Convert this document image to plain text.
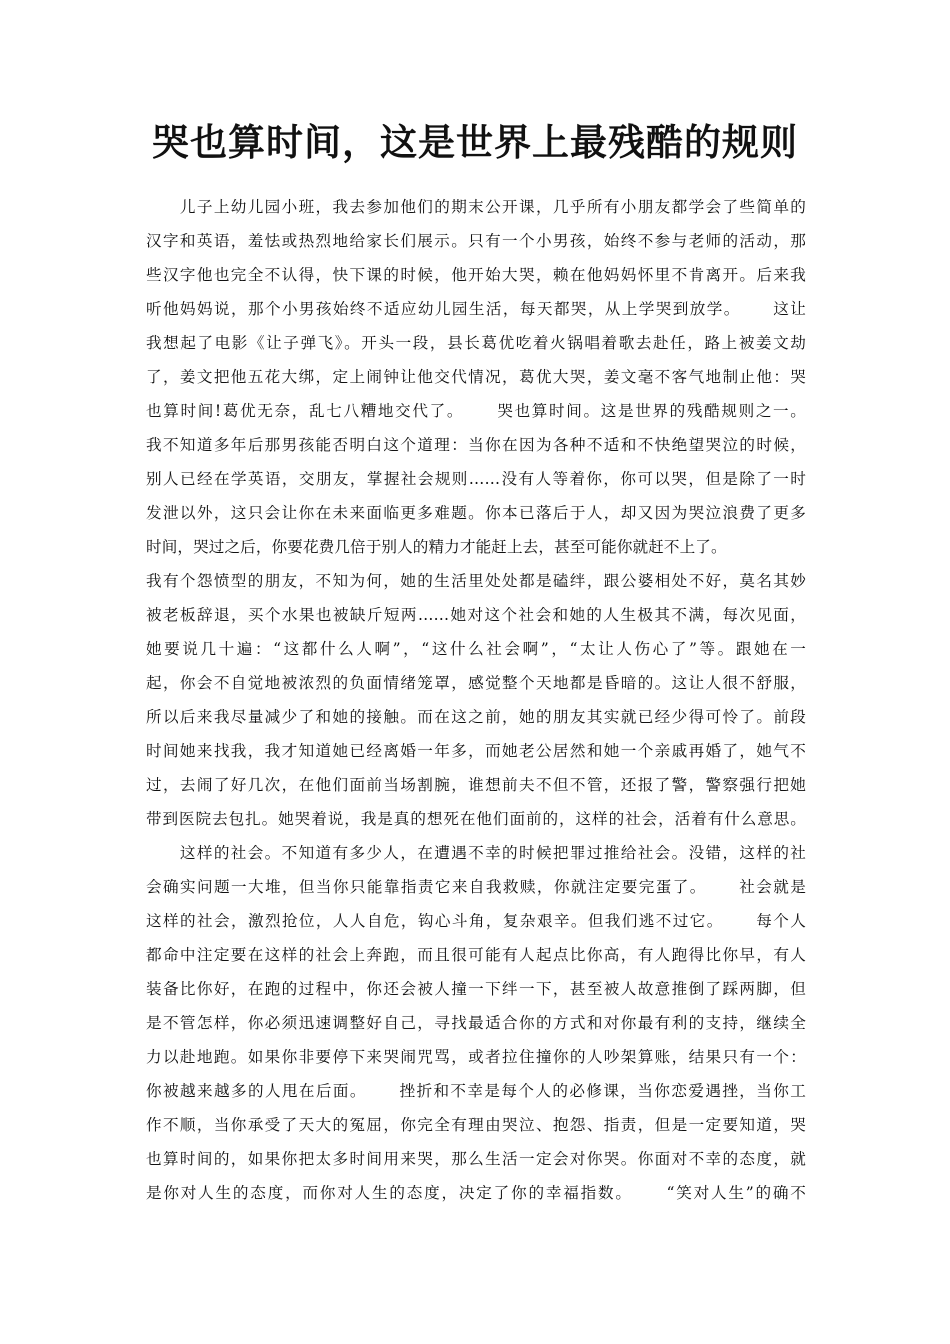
哭也算时间，这是世界上最残酷的规则
　　儿子上幼儿园小班，我去参加他们的期末公开课，几乎所有小朋友都学会了些简单的
汉字和英语，羞怯或热烈地给家长们展示。只有一个小男孩，始终不参与老师的活动，那
些汉字他也完全不认得，快下课的时候，他开始大哭，赖在他妈妈怀里不肯离开。后来我
听他妈妈说，那个小男孩始终不适应幼儿园生活，每天都哭，从上学哭到放学。　　 这让
我想起了电影《让子弹飞》。开头一段，县长葛优吃着火锅唱着歌去赴任，路上被姜文劫
了，姜文把他五花大绑，定上闹钟让他交代情况，葛优大哭，姜文毫不客气地制止他：哭
也算时间!葛优无奈，乱七八糟地交代了。　　 哭也算时间。这是世界的残酷规则之一。
我不知道多年后那男孩能否明白这个道理：当你在因为各种不适和不快绝望哭泣的时候，
别人已经在学英语，交朋友，掌握社会规则……没有人等着你，你可以哭，但是除了一时
发泄以外，这只会让你在未来面临更多难题。你本已落后于人，却又因为哭泣浪费了更多
时间，哭过之后，你要花费几倍于别人的精力才能赶上去，甚至可能你就赶不上了。
我有个怨愤型的朋友，不知为何，她的生活里处处都是磕绊，跟公婆相处不好，莫名其妙
被老板辞退，买个水果也被缺斤短两……她对这个社会和她的人生极其不满，每次见面，
她要说几十遍：“这都什么人啊”，“这什么社会啊”，“太让人伤心了”等。跟她在一
起，你会不自觉地被浓烈的负面情绪笼罩，感觉整个天地都是昏暗的。这让人很不舒服，
所以后来我尽量减少了和她的接触。而在这之前，她的朋友其实就已经少得可怜了。前段
时间她来找我，我才知道她已经离婚一年多，而她老公居然和她一个亲戚再婚了，她气不
过，去闹了好几次，在他们面前当场割腕，谁想前夫不但不管，还报了警，警察强行把她
带到医院去包扎。她哭着说，我是真的想死在他们面前的，这样的社会，活着有什么意思。
　　这样的社会。不知道有多少人，在遭遇不幸的时候把罪过推给社会。没错，这样的社
会确实问题一大堆，但当你只能靠指责它来自我救赎，你就注定要完蛋了。　　 社会就是
这样的社会，激烈抢位，人人自危，钩心斗角，复杂艰辛。但我们逃不过它。　　 每个人
都命中注定要在这样的社会上奔跑，而且很可能有人起点比你高，有人跑得比你早，有人
装备比你好，在跑的过程中，你还会被人撞一下绊一下，甚至被人故意推倒了踩两脚，但
是不管怎样，你必须迅速调整好自己，寻找最适合你的方式和对你最有利的支持，继续全
力以赴地跑。如果你非要停下来哭闹咒骂，或者拉住撞你的人吵架算账，结果只有一个：
你被越来越多的人甩在后面。　　 挫折和不幸是每个人的必修课，当你恋爱遇挫，当你工
作不顺，当你承受了天大的冤屈，你完全有理由哭泣、抱怨、指责，但是一定要知道，哭
也算时间的，如果你把太多时间用来哭，那么生活一定会对你哭。你面对不幸的态度，就
是你对人生的态度，而你对人生的态度，决定了你的幸福指数。　　 “笑对人生”的确不
